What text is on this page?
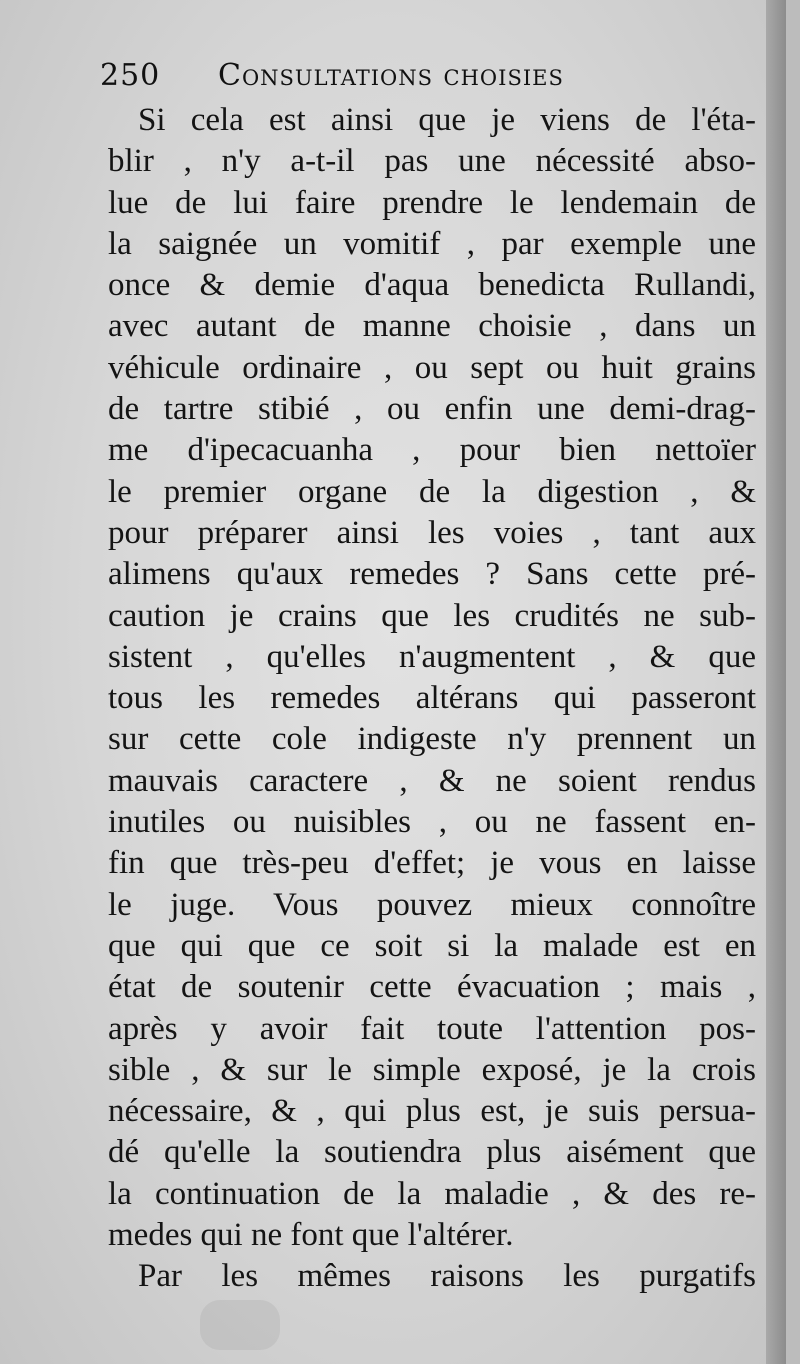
250 Consultations choisies
Si cela est ainsi que je viens de l'éta-
blir , n'y a-t-il pas une nécessité abso-
lue de lui faire prendre le lendemain de
la saignée un vomitif , par exemple une
once & demie d'aqua benedicta Rullandi,
avec autant de manne choisie , dans un
véhicule ordinaire , ou sept ou huit grains
de tartre stibié , ou enfin une demi-drag-
me d'ipecacuanha , pour bien nettoïer
le premier organe de la digestion , &
pour préparer ainsi les voies , tant aux
alimens qu'aux remedes ? Sans cette pré-
caution je crains que les crudités ne sub-
sistent , qu'elles n'augmentent , & que
tous les remedes altérans qui passeront
sur cette cole indigeste n'y prennent un
mauvais caractere , & ne soient rendus
inutiles ou nuisibles , ou ne fassent en-
fin que très-peu d'effet; je vous en laisse
le juge. Vous pouvez mieux connoître
que qui que ce soit si la malade est en
état de soutenir cette évacuation ; mais ,
après y avoir fait toute l'attention pos-
sible , & sur le simple exposé, je la crois
nécessaire, & , qui plus est, je suis persua-
dé qu'elle la soutiendra plus aisément que
la continuation de la maladie , & des re-
medes qui ne font que l'altérer.
Par les mêmes raisons les purgatifs
